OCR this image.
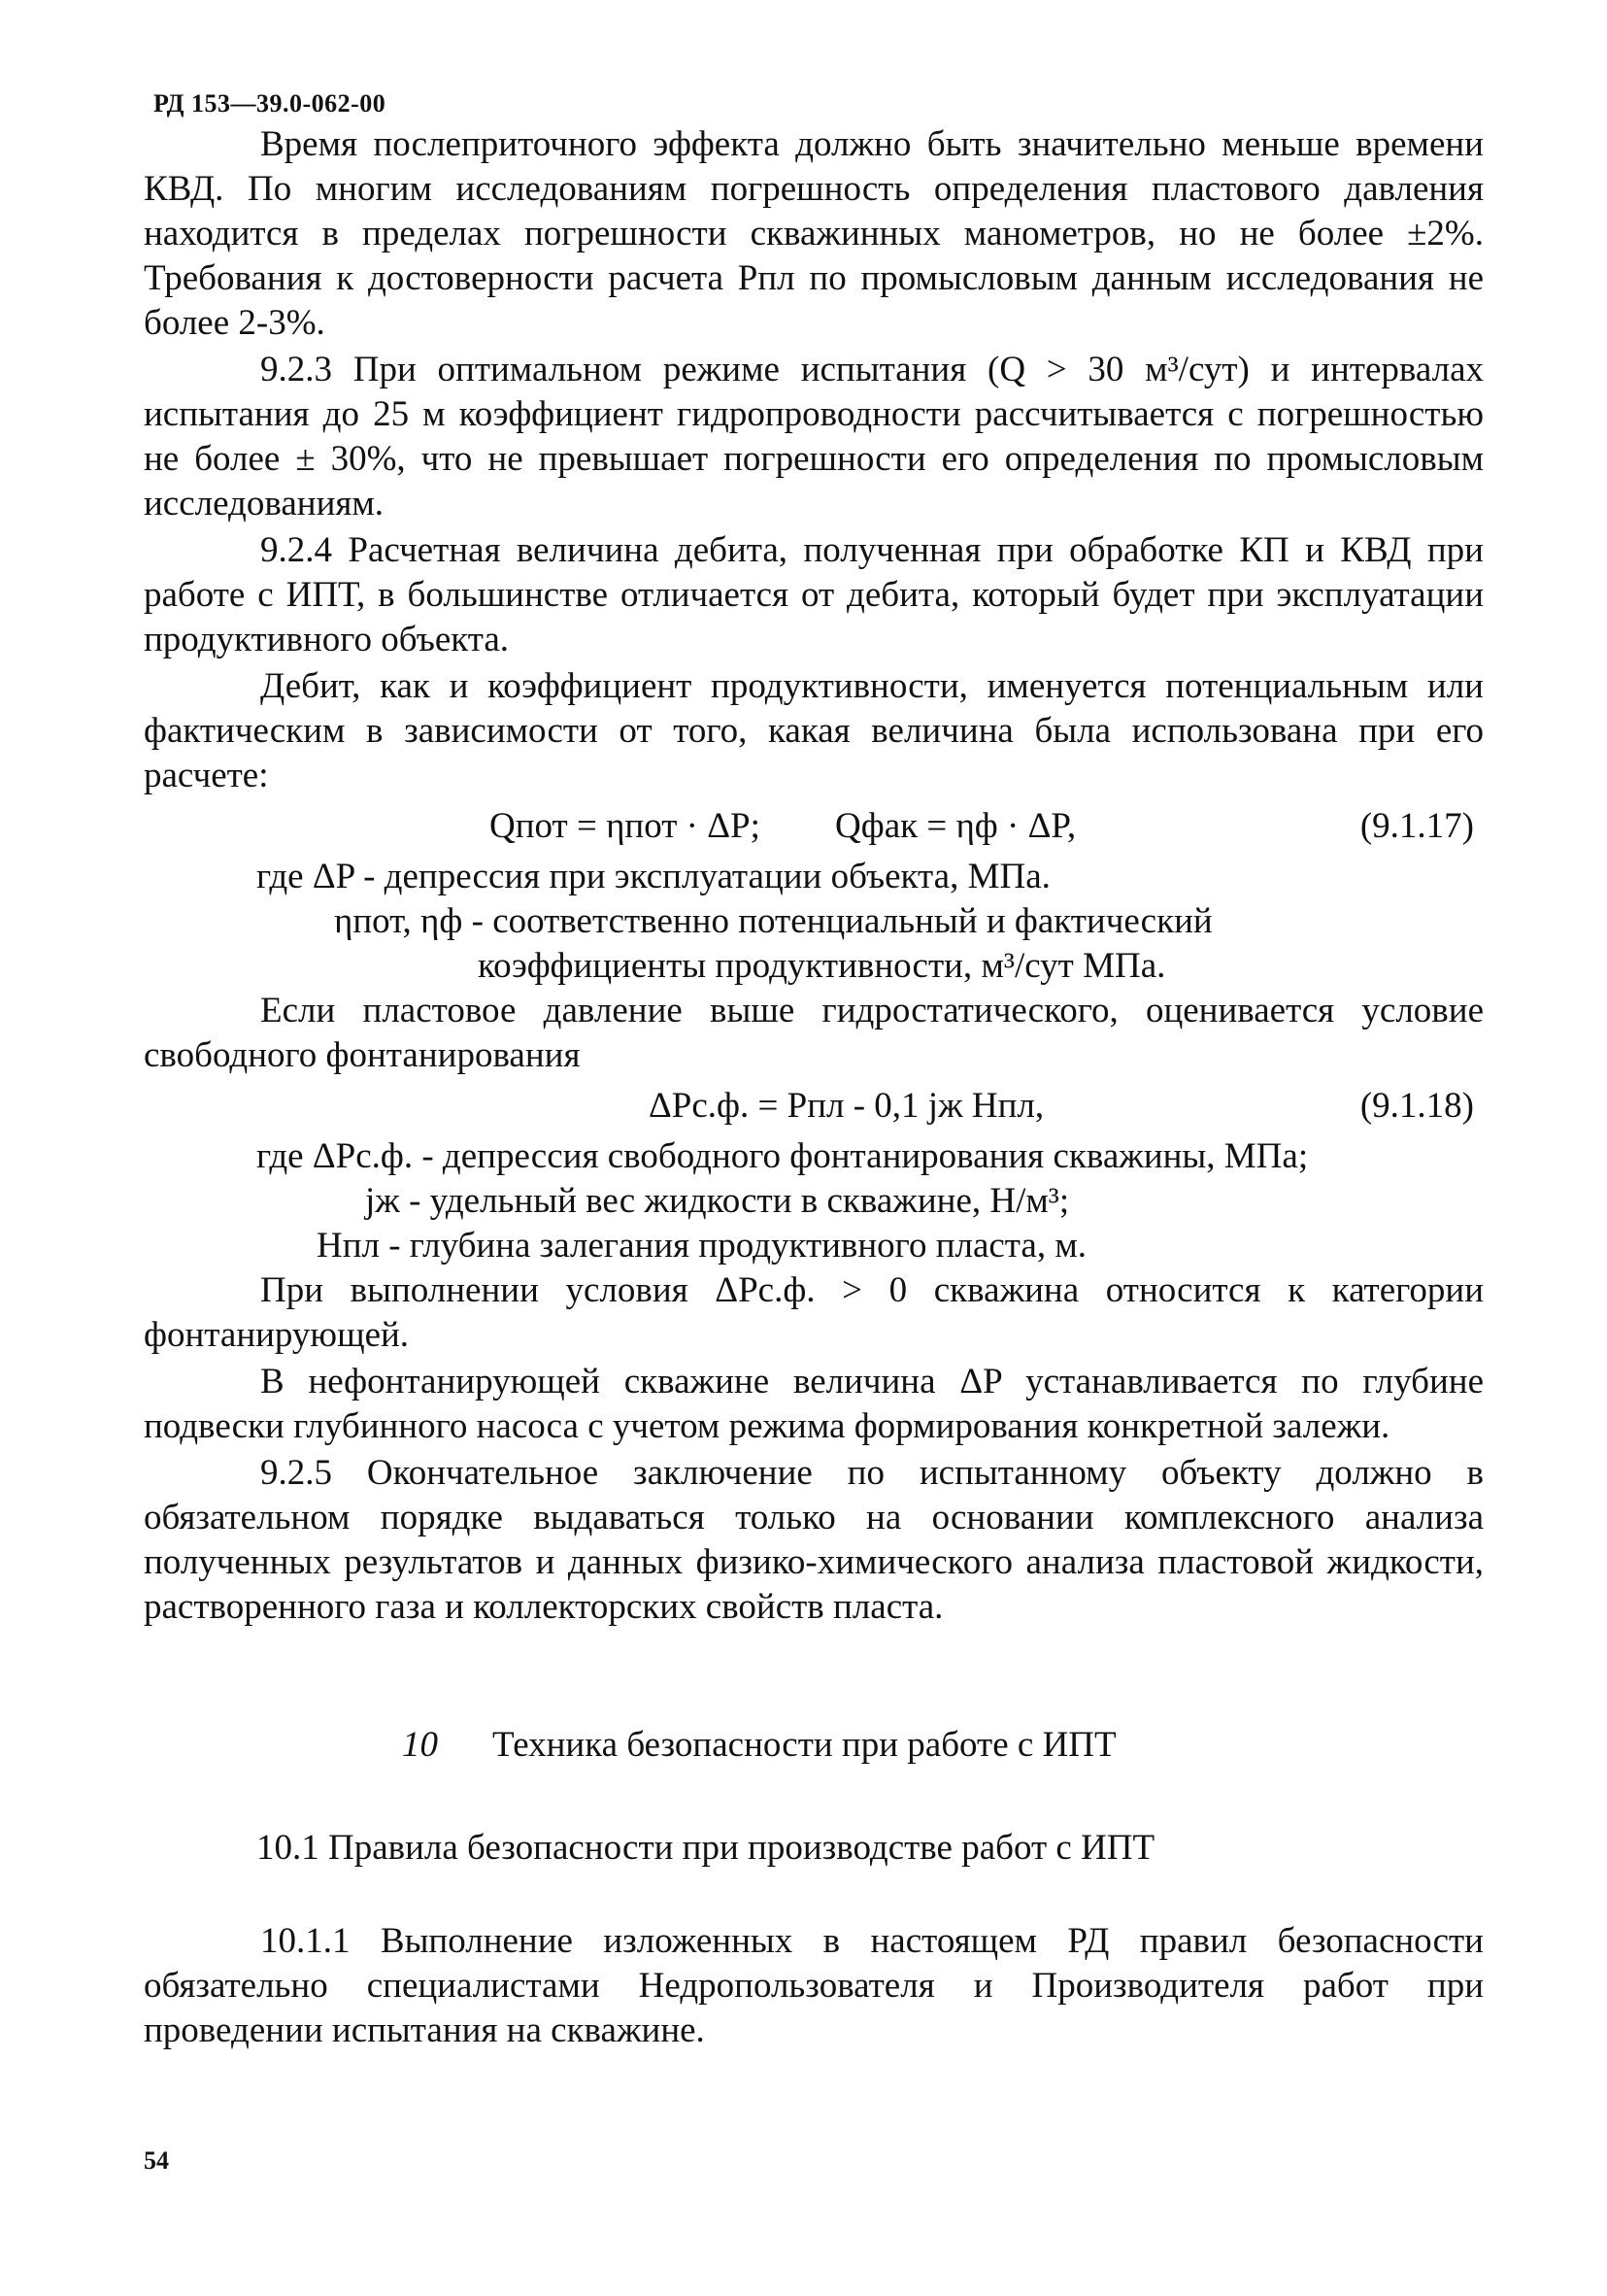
РД 153—39.0-062-00

Время послеприточного эффекта должно быть значительно меньше времени КВД. По многим исследованиям погрешность определения пластового давления находится в пределах погрешности скважинных манометров, но не более ±2%. Требования к достоверности расчета Pпл по промысловым данным исследования не более 2-3%.

9.2.3 При оптимальном режиме испытания (Q > 30 м³/сут) и интервалах испытания до 25 м коэффициент гидропроводности рассчитывается с погрешностью не более ± 30%, что не превышает погрешности его определения по промысловым исследованиям.

9.2.4 Расчетная величина дебита, полученная при обработке КП и КВД при работе с ИПТ, в большинстве отличается от дебита, который будет при эксплуатации продуктивного объекта.

Дебит, как и коэффициент продуктивности, именуется потенциальным или фактическим в зависимости от того, какая величина была использована при его расчете:

Qпот = ηпот · ΔP; Qфак = ηф · ΔP,	(9.1.17)

где ΔP - депрессия при эксплуатации объекта, МПа.

ηпот, ηф - соответственно потенциальный и фактический

коэффициенты продуктивности, м³/сут МПа.

Если пластовое давление выше гидростатического, оценивается условие свободного фонтанирования

ΔPс.ф. = Pпл - 0,1 jж Hпл,	(9.1.18)

где ΔPс.ф. - депрессия свободного фонтанирования скважины, МПа;

jж - удельный вес жидкости в скважине, Н/м³;

Hпл - глубина залегания продуктивного пласта, м.

При выполнении условия ΔPс.ф. > 0 скважина относится к категории фонтанирующей.

В нефонтанирующей скважине величина ΔP устанавливается по глубине подвески глубинного насоса с учетом режима формирования конкретной залежи.

9.2.5 Окончательное заключение по испытанному объекту должно в обязательном порядке выдаваться только на основании комплексного анализа полученных результатов и данных физико-химического анализа пластовой жидкости, растворенного газа и коллекторских свойств пласта.

10 Техника безопасности при работе с ИПТ

10.1 Правила безопасности при производстве работ с ИПТ

10.1.1 Выполнение изложенных в настоящем РД правил безопасности обязательно специалистами Недропользователя и Производителя работ при проведении испытания на скважине.

54
